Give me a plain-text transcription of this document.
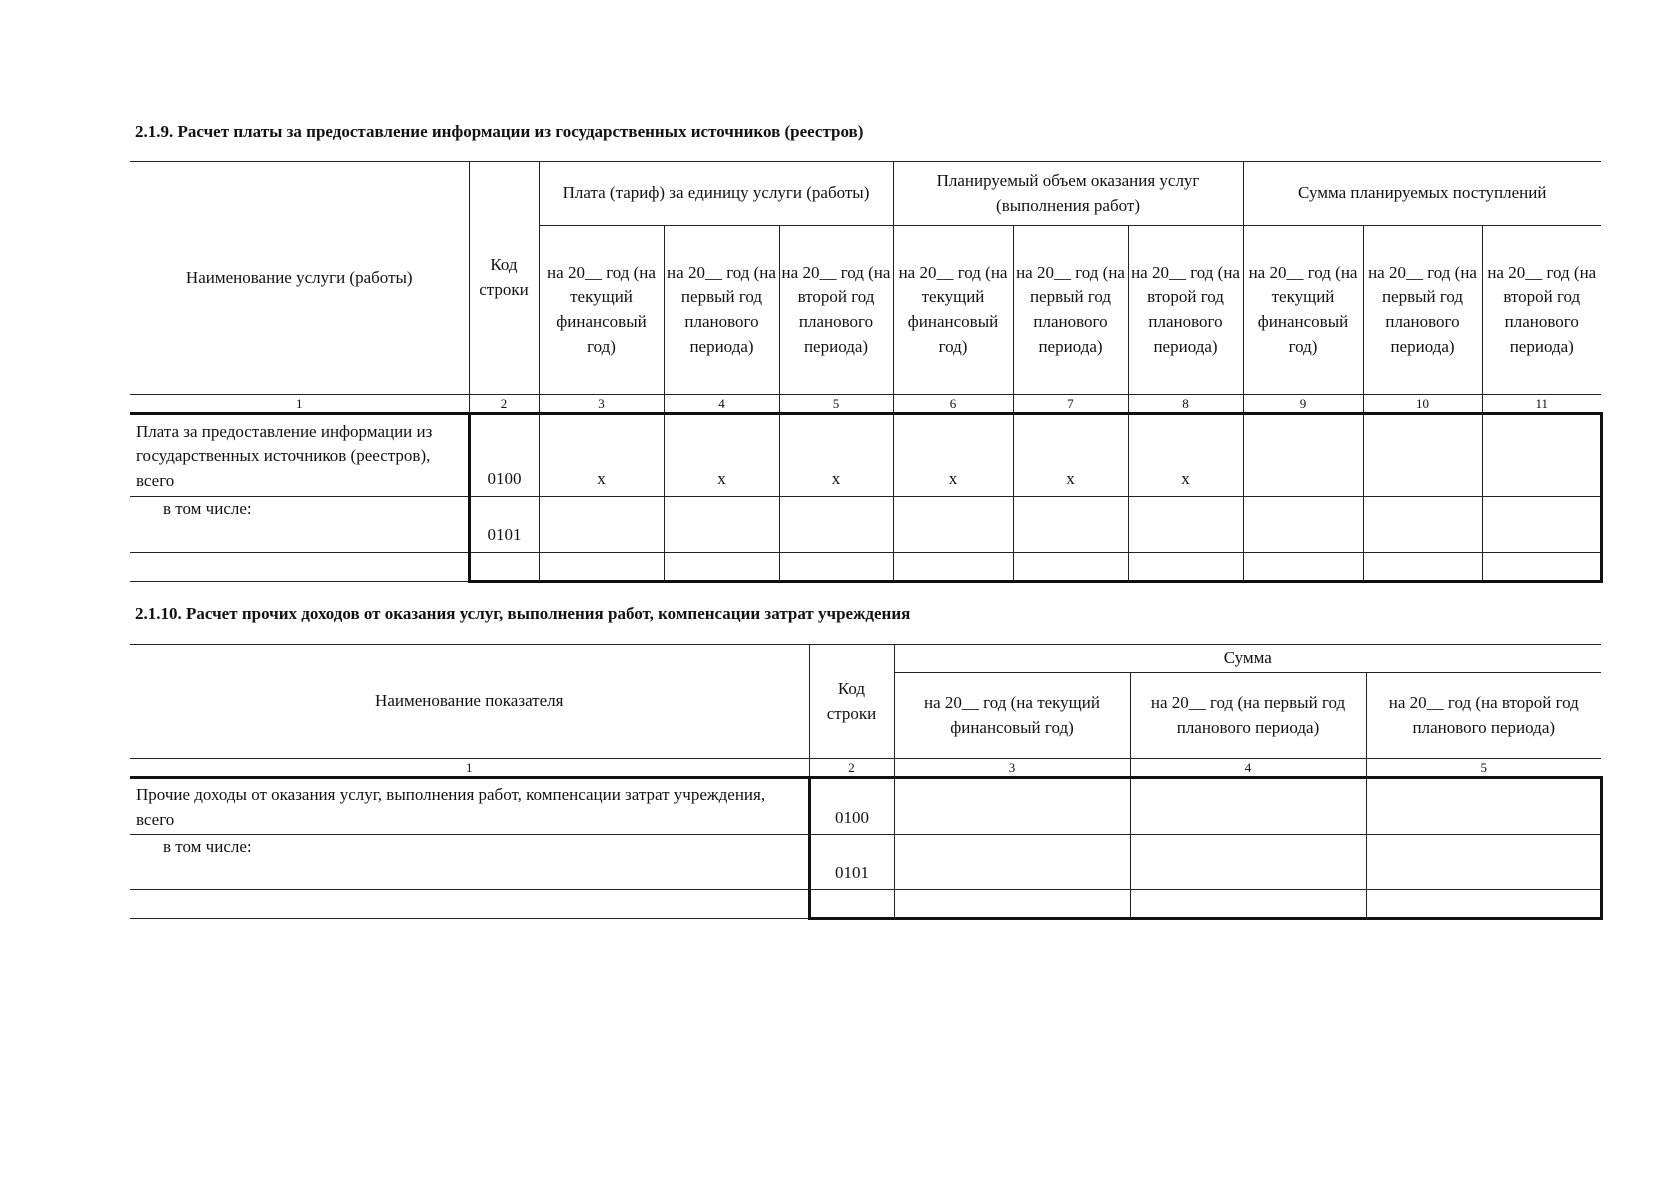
2.1.9. Расчет платы за предоставление информации из государственных источников (реестров)
Наименование услуги (работы)	Код строки	Плата (тариф) за единицу услуги (работы)			Планируемый объем оказания услуг (выполнения работ)			Сумма планируемых поступлений		
		на 20__ год (на текущий финансовый год)	на 20__ год (на первый год планового периода)	на 20__ год (на второй год планового периода)	на 20__ год (на текущий финансовый год)	на 20__ год (на первый год планового периода)	на 20__ год (на второй год планового периода)	на 20__ год (на текущий финансовый год)	на 20__ год (на первый год планового периода)	на 20__ год (на второй год планового периода)
1	2	3	4	5	6	7	8	9	10	11
Плата за предоставление информации из государственных источников (реестров), всего	0100	х	х	х	х	х	х			
в том числе:	0101									

2.1.10. Расчет прочих доходов от оказания услуг, выполнения работ, компенсации затрат учреждения
Наименование показателя	Код строки	Сумма		
		на 20__ год (на текущий финансовый год)	на 20__ год (на первый год планового периода)	на 20__ год (на второй год планового периода)
1	2	3	4	5
Прочие доходы от оказания услуг, выполнения работ, компенсации затрат учреждения, всего	0100			
в том числе:	0101			
